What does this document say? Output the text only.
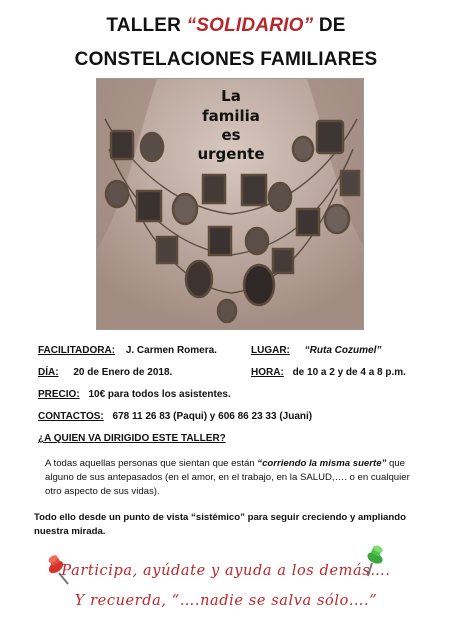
TALLER “SOLIDARIO” DE
CONSTELACIONES FAMILIARES
La
familia
es
urgente
FACILITADORA: J. Carmen Romera.	LUGAR: “Ruta Cozumel”
DÍA: 20 de Enero de 2018.	HORA: de 10 a 2 y de 4 a 8 p.m.
PRECIO: 10€ para todos los asistentes.
CONTACTOS: 678 11 26 83 (Paqui) y 606 86 23 33 (Juani)
¿A QUIEN VA DIRIGIDO ESTE TALLER?
A todas aquellas personas que sientan que están “corriendo la misma suerte” que alguno de sus antepasados (en el amor, en el trabajo, en la SALUD,…. o en cualquier otro aspecto de sus vidas).
Todo ello desde un punto de vista “sistémico” para seguir creciendo y ampliando nuestra mirada.
Participa, ayúdate y ayuda a los demás….
Y recuerda, “….nadie se salva sólo….”
